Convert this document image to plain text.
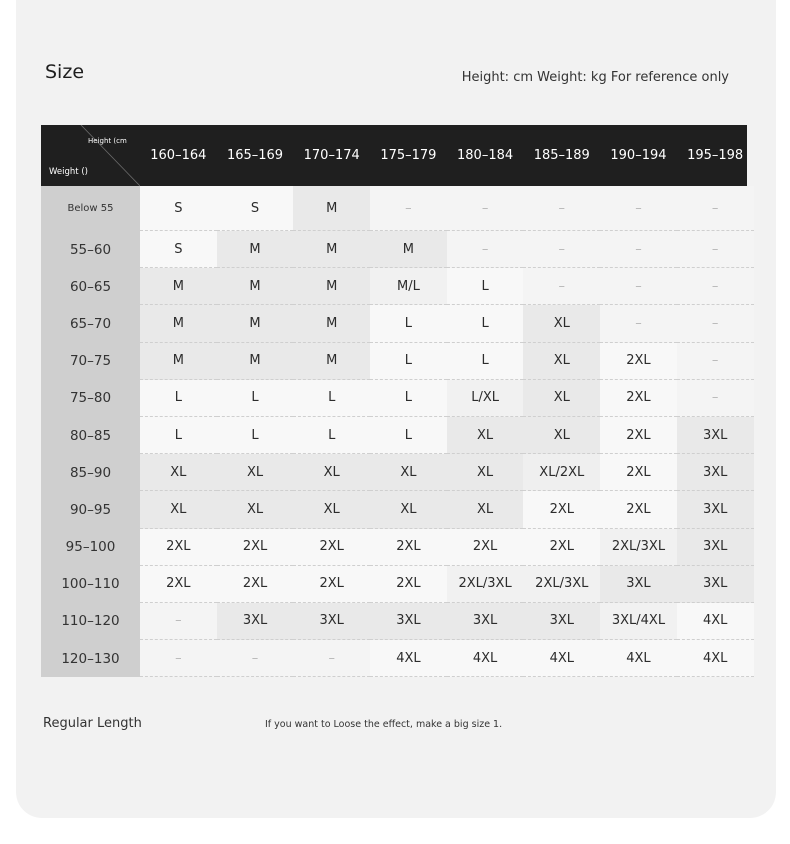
Size	Height: cm Weight: kg For reference only
Height (cm
Weight ()
160–164	165–169	170–174	175–179	180–184	185–189	190–194	195–198
Below 55	S	S	M	–	–	–	–	–
55–60	S	M	M	M	–	–	–	–
60–65	M	M	M	M/L	L	–	–	–
65–70	M	M	M	L	L	XL	–	–
70–75	M	M	M	L	L	XL	2XL	–
75–80	L	L	L	L	L/XL	XL	2XL	–
80–85	L	L	L	L	XL	XL	2XL	3XL
85–90	XL	XL	XL	XL	XL	XL/2XL	2XL	3XL
90–95	XL	XL	XL	XL	XL	2XL	2XL	3XL
95–100	2XL	2XL	2XL	2XL	2XL	2XL	2XL/3XL	3XL
100–110	2XL	2XL	2XL	2XL	2XL/3XL	2XL/3XL	3XL	3XL
110–120	–	3XL	3XL	3XL	3XL	3XL	3XL/4XL	4XL
120–130	–	–	–	4XL	4XL	4XL	4XL	4XL
Regular Length	If you want to Loose the effect, make a big size 1.
